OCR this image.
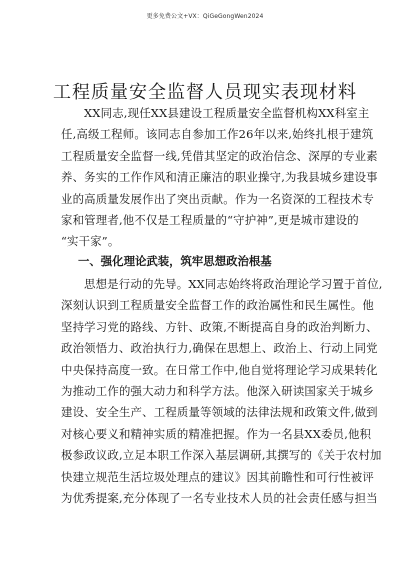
更多免费公文+VX：QiGeGongWen2024
工程质量安全监督人员现实表现材料
XX同志,现任XX县建设工程质量安全监督机构XX科室主
任,高级工程师。该同志自参加工作26年以来,始终扎根于建筑
工程质量安全监督一线,凭借其坚定的政治信念、深厚的专业素
养、务实的工作作风和清正廉洁的职业操守,为我县城乡建设事
业的高质量发展作出了突出贡献。作为一名资深的工程技术专
家和管理者,他不仅是工程质量的“守护神”,更是城市建设的
“实干家”。
一、强化理论武装，筑牢思想政治根基
思想是行动的先导。XX同志始终将政治理论学习置于首位,
深刻认识到工程质量安全监督工作的政治属性和民生属性。他
坚持学习党的路线、方针、政策,不断提高自身的政治判断力、
政治领悟力、政治执行力,确保在思想上、政治上、行动上同党
中央保持高度一致。在日常工作中,他自觉将理论学习成果转化
为推动工作的强大动力和科学方法。他深入研读国家关于城乡
建设、安全生产、工程质量等领域的法律法规和政策文件,做到
对核心要义和精神实质的精准把握。作为一名县XX委员,他积
极参政议政,立足本职工作深入基层调研,其撰写的《关于农村加
快建立规范生活垃圾处理点的建议》因其前瞻性和可行性被评
为优秀提案,充分体现了一名专业技术人员的社会责任感与担当
